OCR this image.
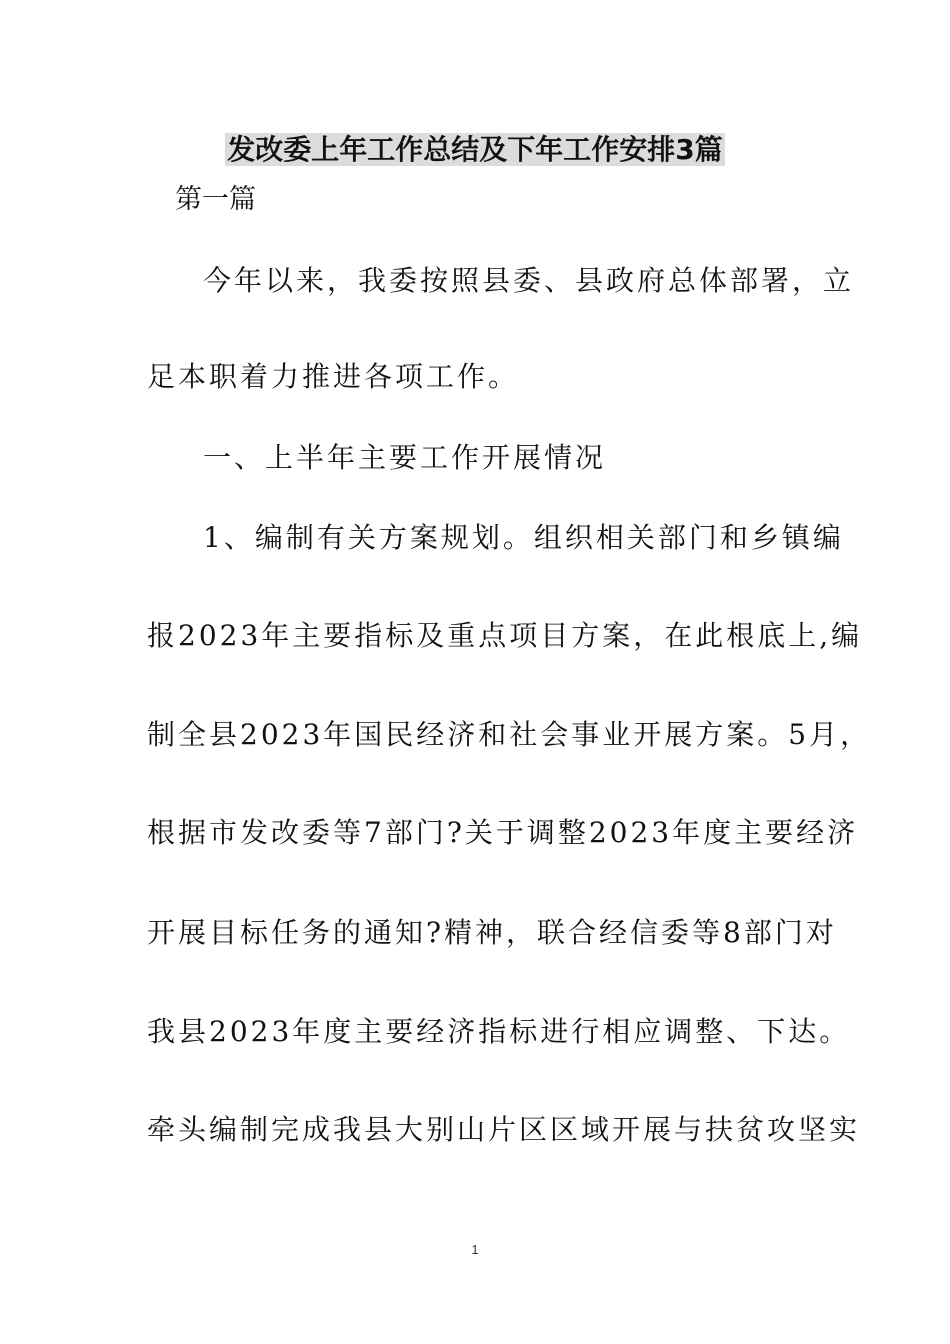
发改委上年工作总结及下年工作安排3篇
第一篇
今年以来，我委按照县委、县政府总体部署，立
足本职着力推进各项工作。
一、上半年主要工作开展情况
1、编制有关方案规划。组织相关部门和乡镇编
报2023年主要指标及重点项目方案，在此根底上,编
制全县2023年国民经济和社会事业开展方案。5月，
根据市发改委等7部门?关于调整2023年度主要经济
开展目标任务的通知?精神，联合经信委等8部门对
我县2023年度主要经济指标进行相应调整、下达。
牵头编制完成我县大别山片区区域开展与扶贫攻坚实
1
